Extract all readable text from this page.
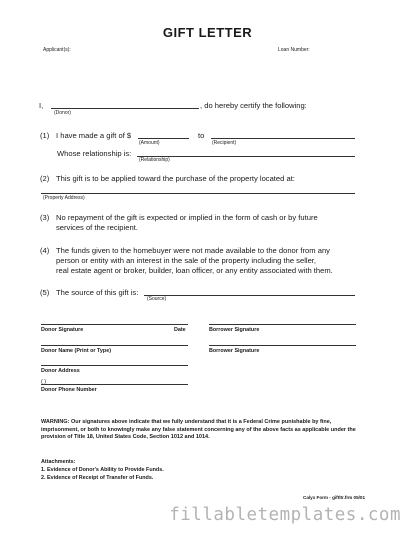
GIFT LETTER
Applicant(s):	Loan Number:
I,	, do hereby certify the following:
(Donor)
(1) I have made a gift of $
(Amount)
to
(Recipient)
Whose relationship is:
(Relationship)
(2) This gift is to be applied toward the purchase of the property located at:
(Property Address)
(3) No repayment of the gift is expected or implied in the form of cash or by future
services of the recipient.
(4) The funds given to the homebuyer were not made available to the donor from any
person or entity with an interest in the sale of the property including the seller,
real estate agent or broker, builder, loan officer, or any entity associated with them.
(5) The source of this gift is:
(Source)
Donor Signature	Date	Borrower Signature
Donor Name (Print or Type)	Borrower Signature
Donor Address
( )
Donor Phone Number
WARNING: Our signatures above indicate that we fully understand that it is a Federal Crime punishable by fine, imprisonment, or both to knowingly make any false statement concerning any of the above facts as applicable under the provision of Title 18, United States Code, Section 1012 and 1014.
Attachments:
1. Evidence of Donor's Ability to Provide Funds.
2. Evidence of Receipt of Transfer of Funds.
Calyx Form - giftltr.frm 05/01
fillabletemplates.com
